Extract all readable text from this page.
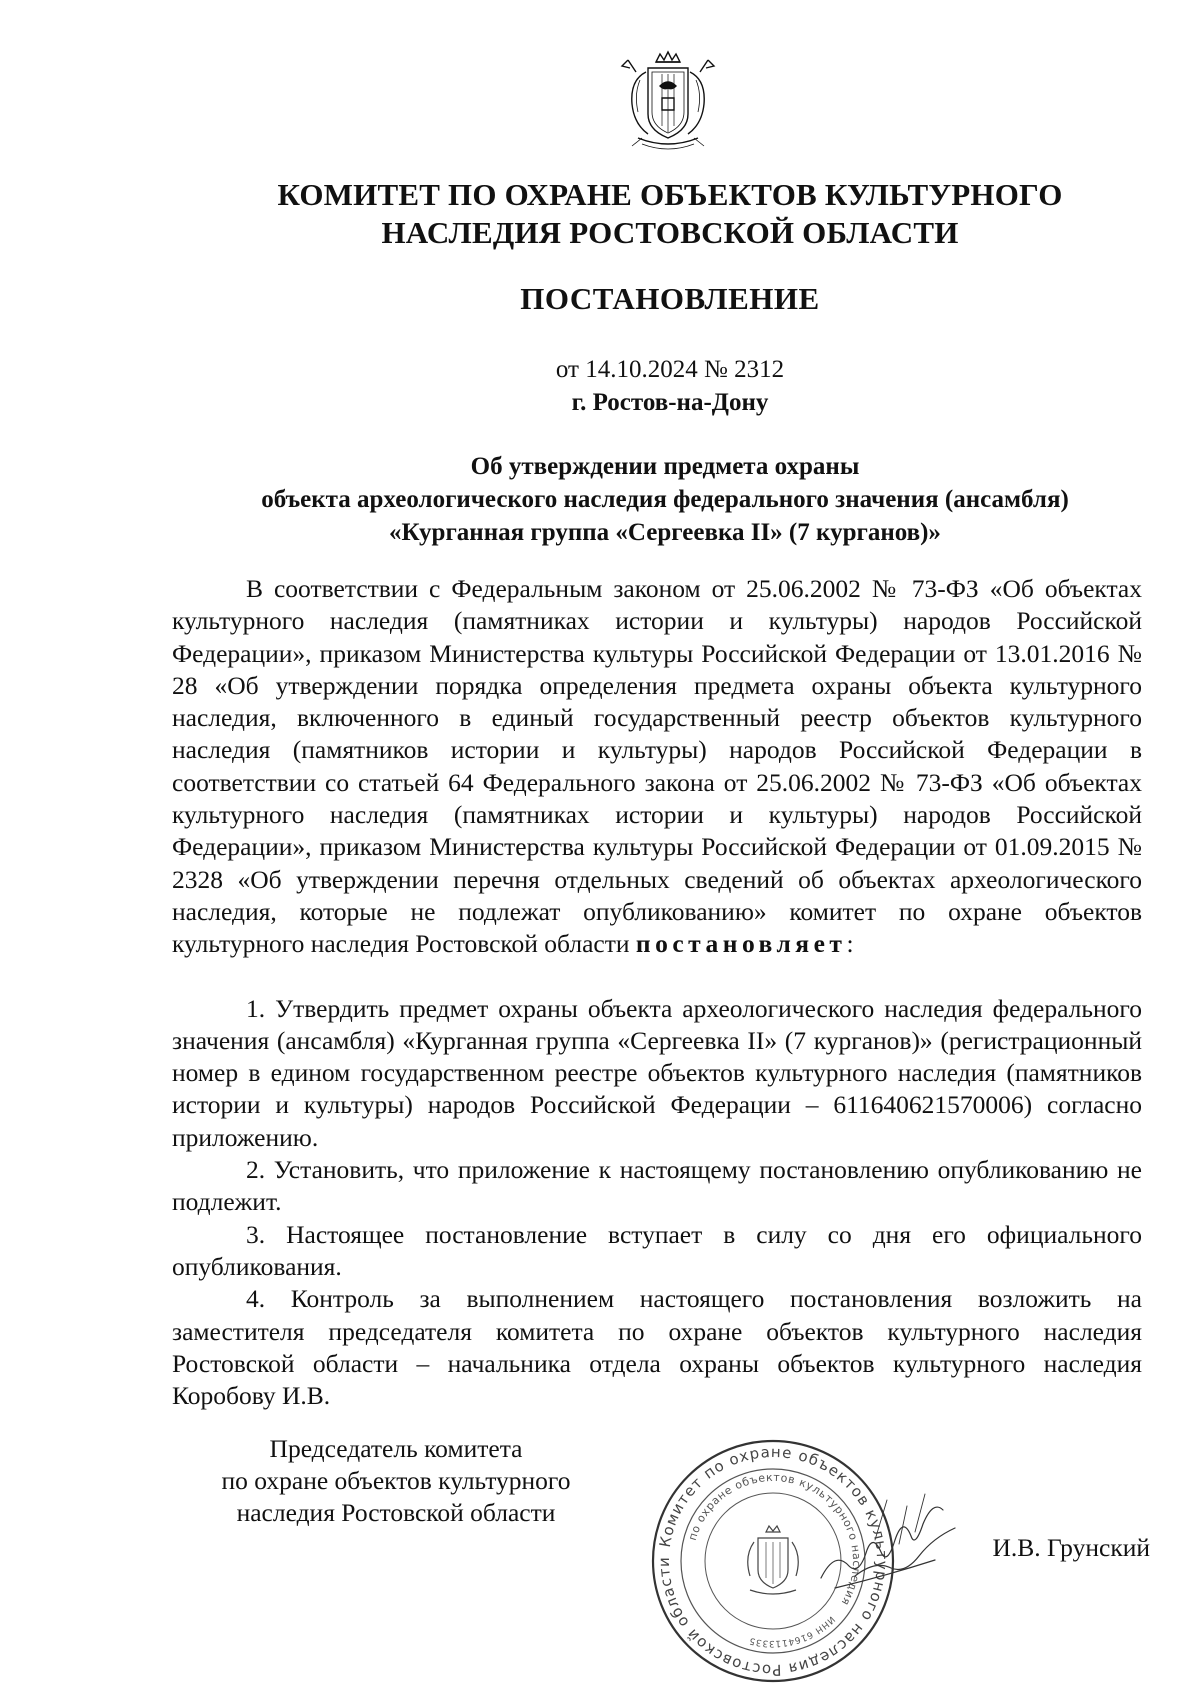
КОМИТЕТ ПО ОХРАНЕ ОБЪЕКТОВ КУЛЬТУРНОГО
НАСЛЕДИЯ РОСТОВСКОЙ ОБЛАСТИ
ПОСТАНОВЛЕНИЕ
от 14.10.2024 № 2312
г. Ростов-на-Дону
Об утверждении предмета охраны
объекта археологического наследия федерального значения (ансамбля)
«Курганная группа «Сергеевка II» (7 курганов)»

В соответствии с Федеральным законом от 25.06.2002 № 73-ФЗ «Об объектах культурного наследия (памятниках истории и культуры) народов Российской Федерации», приказом Министерства культуры Российской Федерации от 13.01.2016 № 28 «Об утверждении порядка определения предмета охраны объекта культурного наследия, включенного в единый государственный реестр объектов культурного наследия (памятников истории и культуры) народов Российской Федерации в соответствии со статьей 64 Федерального закона от 25.06.2002 № 73-ФЗ «Об объектах культурного наследия (памятниках истории и культуры) народов Российской Федерации», приказом Министерства культуры Российской Федерации от 01.09.2015 № 2328 «Об утверждении перечня отдельных сведений об объектах археологического наследия, которые не подлежат опубликованию» комитет по охране объектов культурного наследия Ростовской области постановляет:

1. Утвердить предмет охраны объекта археологического наследия федерального значения (ансамбля) «Курганная группа «Сергеевка II» (7 курганов)» (регистрационный номер в едином государственном реестре объектов культурного наследия (памятников истории и культуры) народов Российской Федерации – 611640621570006) согласно приложению.

2. Установить, что приложение к настоящему постановлению опубликованию не подлежит.

3. Настоящее постановление вступает в силу со дня его официального опубликования.

4. Контроль за выполнением настоящего постановления возложить на заместителя председателя комитета по охране объектов культурного наследия Ростовской области – начальника отдела охраны объектов культурного наследия Коробову И.В.

Председатель комитета
по охране объектов культурного
наследия Ростовской области
Комитет по охране объектов культурного наследия Ростовской области
по охране объектов культурного наследия
ИНН 6164113335
И.В. Грунский
